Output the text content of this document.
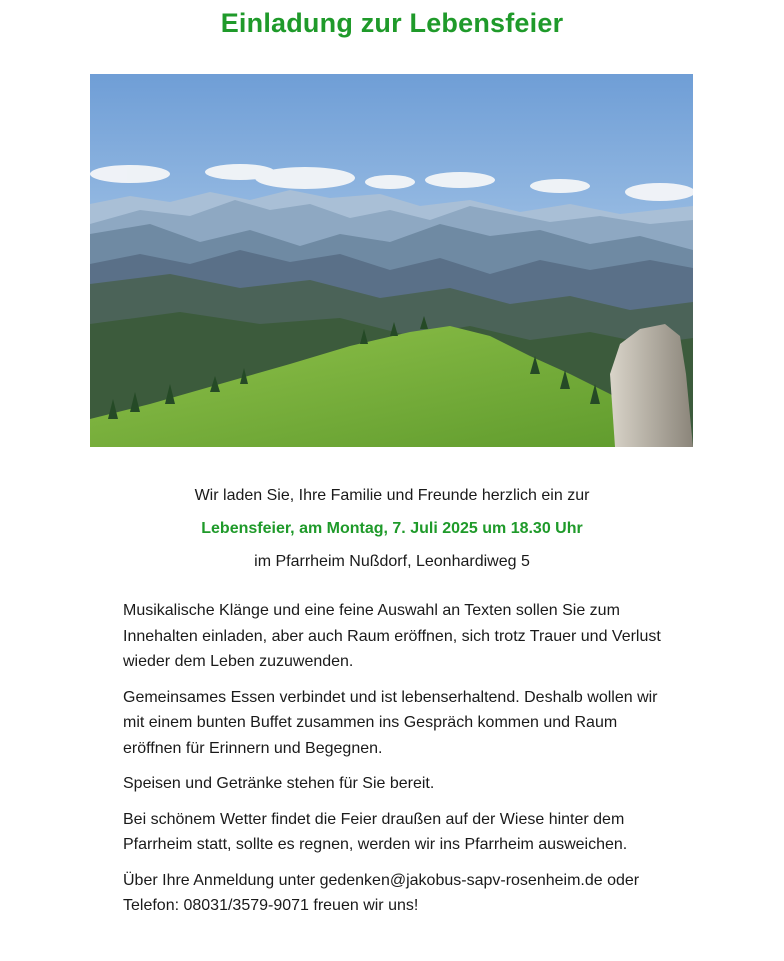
Einladung zur Lebensfeier
Wir laden Sie, Ihre Familie und Freunde herzlich ein zur
Lebensfeier, am Montag, 7. Juli 2025 um 18.30 Uhr
im Pfarrheim Nußdorf, Leonhardiweg 5

Musikalische Klänge und eine feine Auswahl an Texten sollen Sie zum Innehalten einladen, aber auch Raum eröffnen, sich trotz Trauer und Verlust wieder dem Leben zuzuwenden.

Gemeinsames Essen verbindet und ist lebenserhaltend. Deshalb wollen wir mit einem bunten Buffet zusammen ins Gespräch kommen und Raum eröffnen für Erinnern und Begegnen.

Speisen und Getränke stehen für Sie bereit.

Bei schönem Wetter findet die Feier draußen auf der Wiese hinter dem Pfarrheim statt, sollte es regnen, werden wir ins Pfarrheim ausweichen.

Über Ihre Anmeldung unter gedenken@jakobus-sapv-rosenheim.de oder Telefon: 08031/3579-9071 freuen wir uns!
